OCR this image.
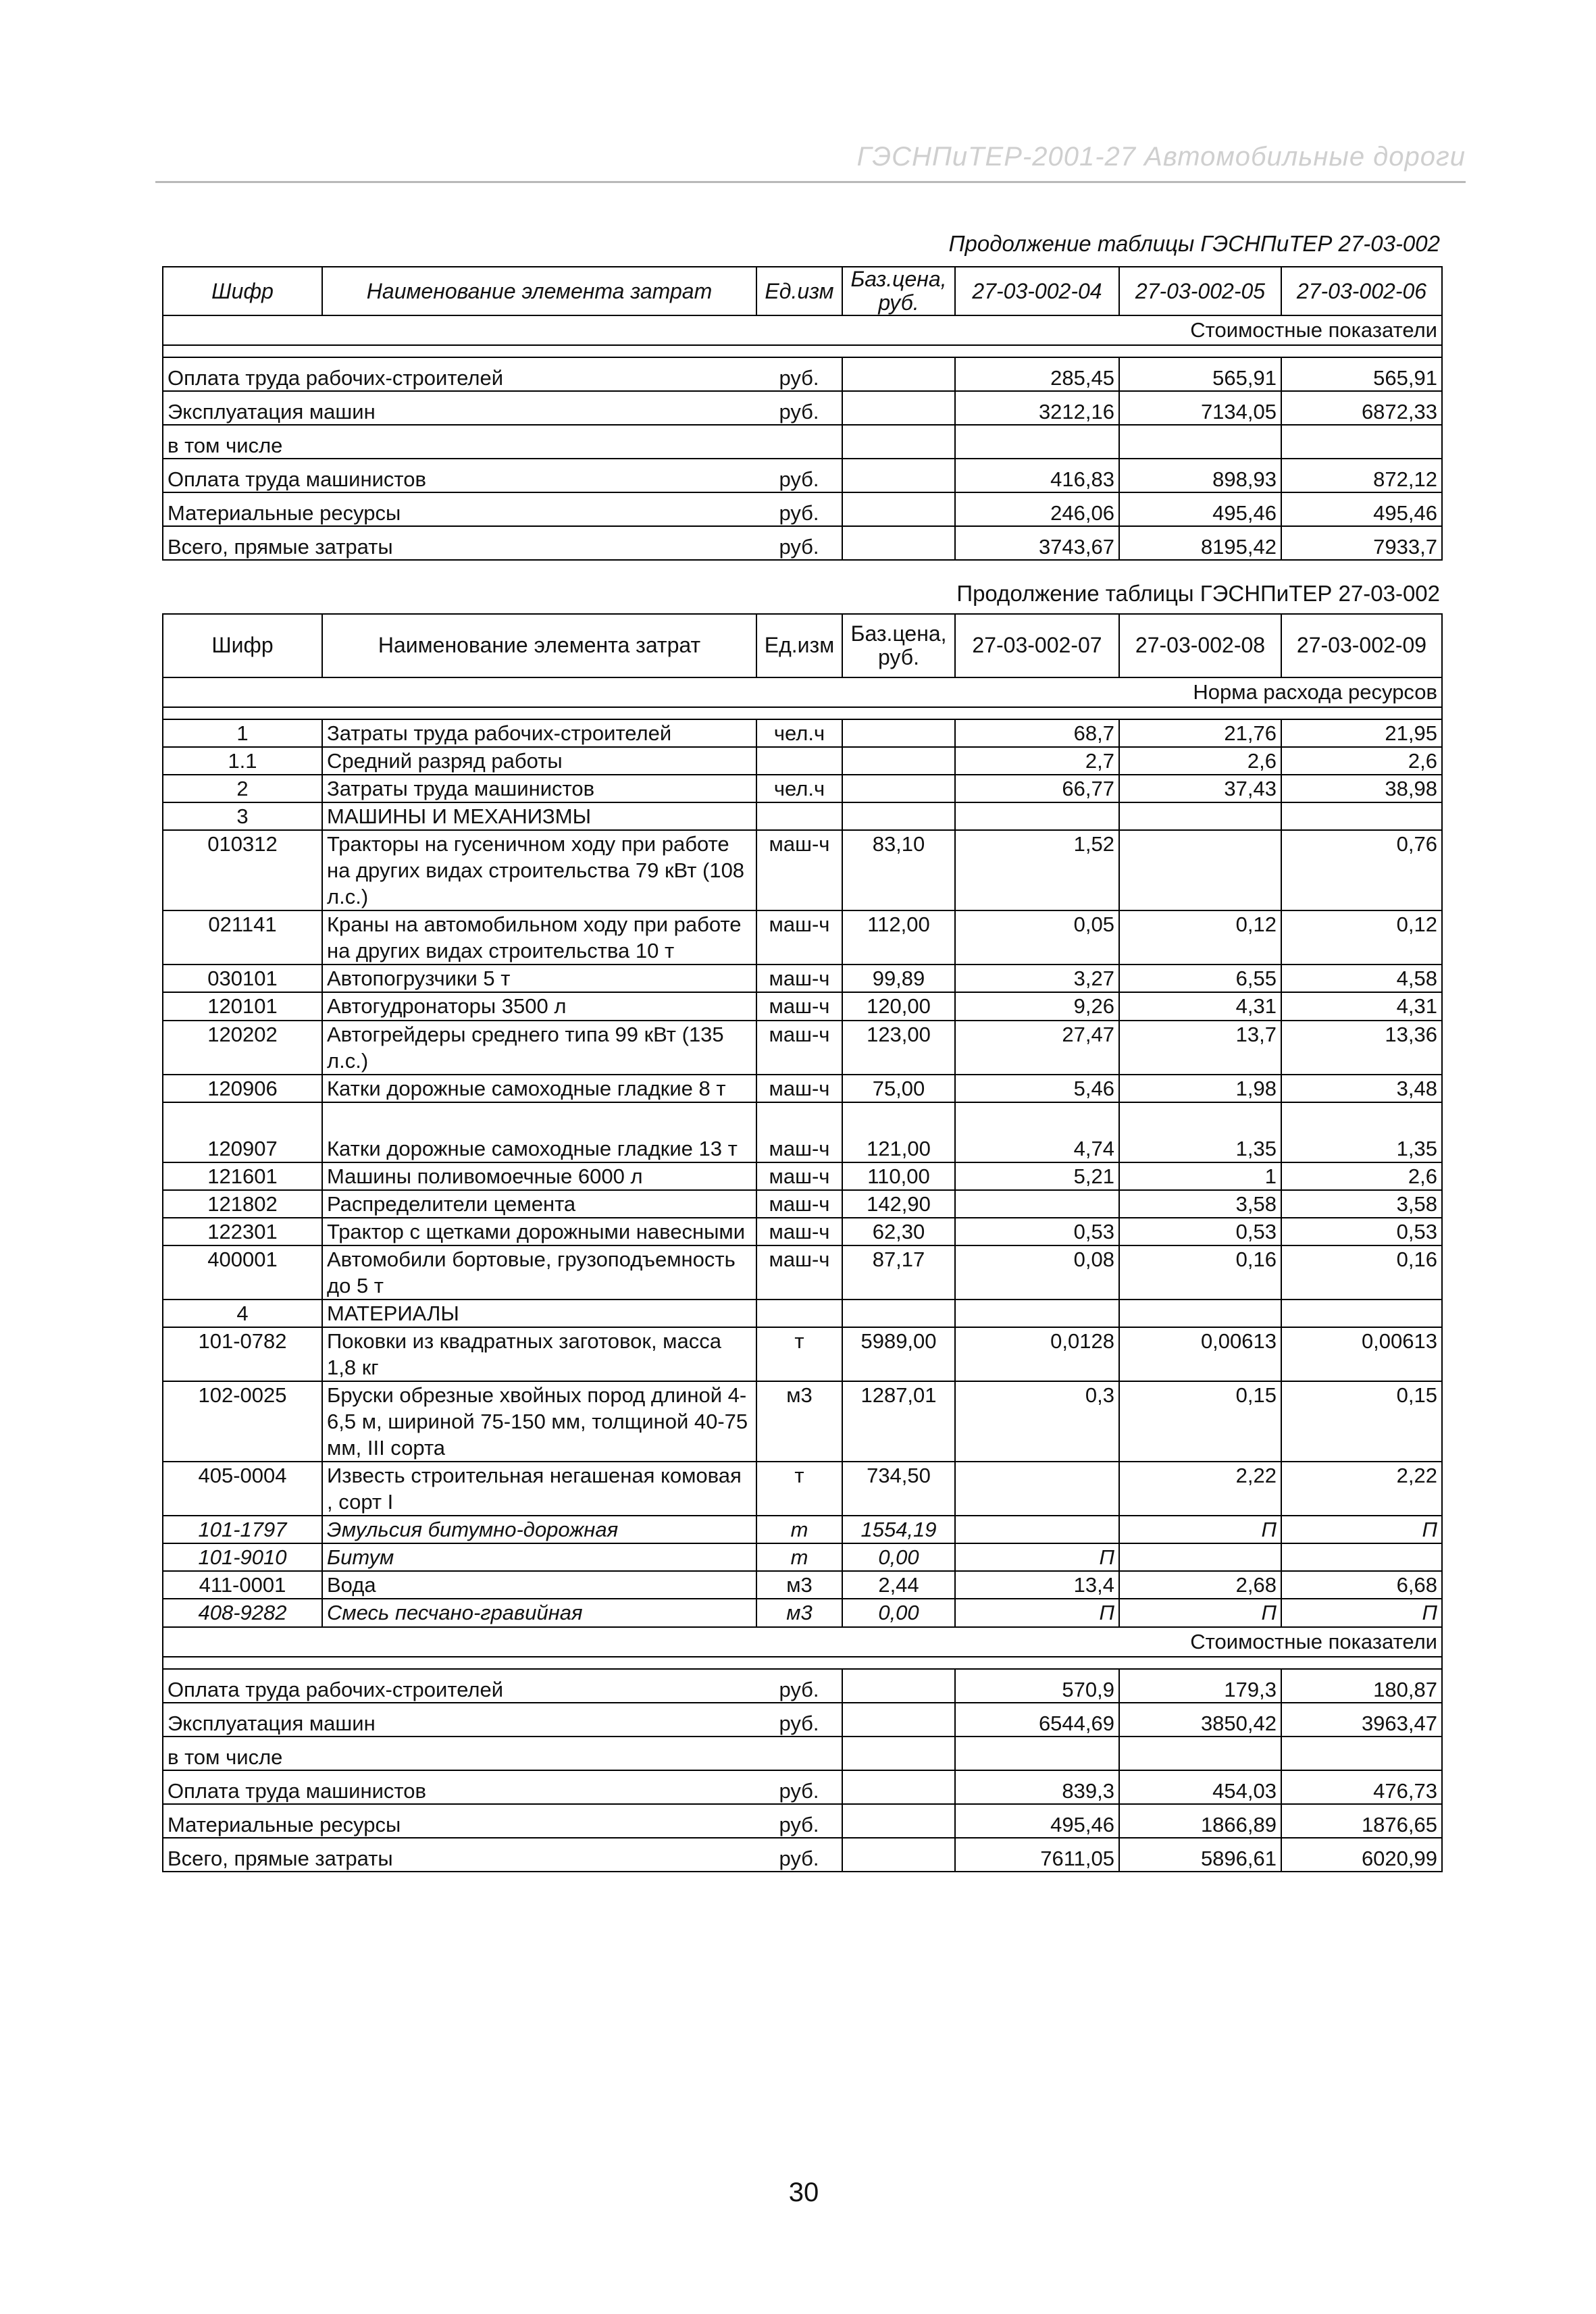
ГЭСНПиТЕР-2001-27 Автомобильные дороги
Продолжение таблицы ГЭСНПиТЕР 27-03-002
Шифр	Наименование элемента затрат	Ед.изм	Баз.цена, руб.	27-03-002-04	27-03-002-05	27-03-002-06
Стоимостные показатели						

Оплата труда рабочих-строителей		руб.		285,45	565,91	565,91
Эксплуатация машин		руб.		3212,16	7134,05	6872,33
в том числе						
Оплата труда машинистов		руб.		416,83	898,93	872,12
Материальные ресурсы		руб.		246,06	495,46	495,46
Всего, прямые затраты		руб.		3743,67	8195,42	7933,7
Продолжение таблицы ГЭСНПиТЕР 27-03-002
Шифр	Наименование элемента затрат	Ед.изм	Баз.цена, руб.	27-03-002-07	27-03-002-08	27-03-002-09
Норма расхода ресурсов						

1	Затраты труда рабочих-строителей	чел.ч		68,7	21,76	21,95
1.1	Средний разряд работы			2,7	2,6	2,6
2	Затраты труда машинистов	чел.ч		66,77	37,43	38,98
3	МАШИНЫ И МЕХАНИЗМЫ					
010312	Тракторы на гусеничном ходу при работе на других видах строительства 79 кВт (108 л.с.)	маш-ч	83,10	1,52		0,76
021141	Краны на автомобильном ходу при работе на других видах строительства 10 т	маш-ч	112,00	0,05	0,12	0,12
030101	Автопогрузчики 5 т	маш-ч	99,89	3,27	6,55	4,58
120101	Автогудронаторы 3500 л	маш-ч	120,00	9,26	4,31	4,31
120202	Автогрейдеры среднего типа 99 кВт (135 л.с.)	маш-ч	123,00	27,47	13,7	13,36
120906	Катки дорожные самоходные гладкие 8 т	маш-ч	75,00	5,46	1,98	3,48
120907	Катки дорожные самоходные гладкие 13 т	маш-ч	121,00	4,74	1,35	1,35
121601	Машины поливомоечные 6000 л	маш-ч	110,00	5,21	1	2,6
121802	Распределители цемента	маш-ч	142,90		3,58	3,58
122301	Трактор с щетками дорожными навесными	маш-ч	62,30	0,53	0,53	0,53
400001	Автомобили бортовые, грузоподъемность до 5 т	маш-ч	87,17	0,08	0,16	0,16
4	МАТЕРИАЛЫ					
101-0782	Поковки из квадратных заготовок, масса 1,8 кг	т	5989,00	0,0128	0,00613	0,00613
102-0025	Бруски обрезные хвойных пород длиной 4-6,5 м, шириной 75-150 мм, толщиной 40-75 мм, III сорта	м3	1287,01	0,3	0,15	0,15
405-0004	Известь строительная негашеная комовая , сорт I	т	734,50		2,22	2,22
101-1797	Эмульсия битумно-дорожная	т	1554,19		П	П
101-9010	Битум	т	0,00	П		
411-0001	Вода	м3	2,44	13,4	2,68	6,68
408-9282	Смесь песчано-гравийная	м3	0,00	П	П	П
Стоимостные показатели						

Оплата труда рабочих-строителей		руб.		570,9	179,3	180,87
Эксплуатация машин		руб.		6544,69	3850,42	3963,47
в том числе						
Оплата труда машинистов		руб.		839,3	454,03	476,73
Материальные ресурсы		руб.		495,46	1866,89	1876,65
Всего, прямые затраты		руб.		7611,05	5896,61	6020,99
30
